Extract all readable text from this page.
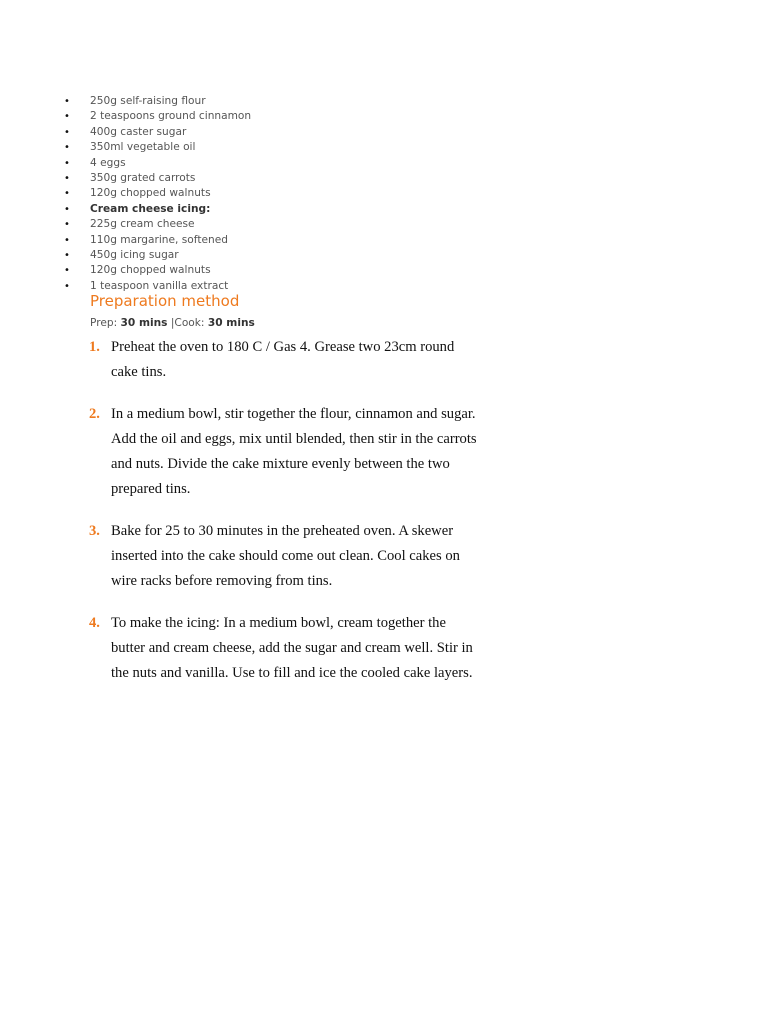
• 250g self-raising flour
• 2 teaspoons ground cinnamon
• 400g caster sugar
• 350ml vegetable oil
• 4 eggs
• 350g grated carrots
• 120g chopped walnuts
• Cream cheese icing:
• 225g cream cheese
• 110g margarine, softened
• 450g icing sugar
• 120g chopped walnuts
• 1 teaspoon vanilla extract
Preparation method
Prep: 30 mins |Cook: 30 mins
1. Preheat the oven to 180 C / Gas 4. Grease two 23cm round cake tins.
2. In a medium bowl, stir together the flour, cinnamon and sugar. Add the oil and eggs, mix until blended, then stir in the carrots and nuts. Divide the cake mixture evenly between the two prepared tins.
3. Bake for 25 to 30 minutes in the preheated oven. A skewer inserted into the cake should come out clean. Cool cakes on wire racks before removing from tins.
4. To make the icing: In a medium bowl, cream together the butter and cream cheese, add the sugar and cream well. Stir in the nuts and vanilla. Use to fill and ice the cooled cake layers.
